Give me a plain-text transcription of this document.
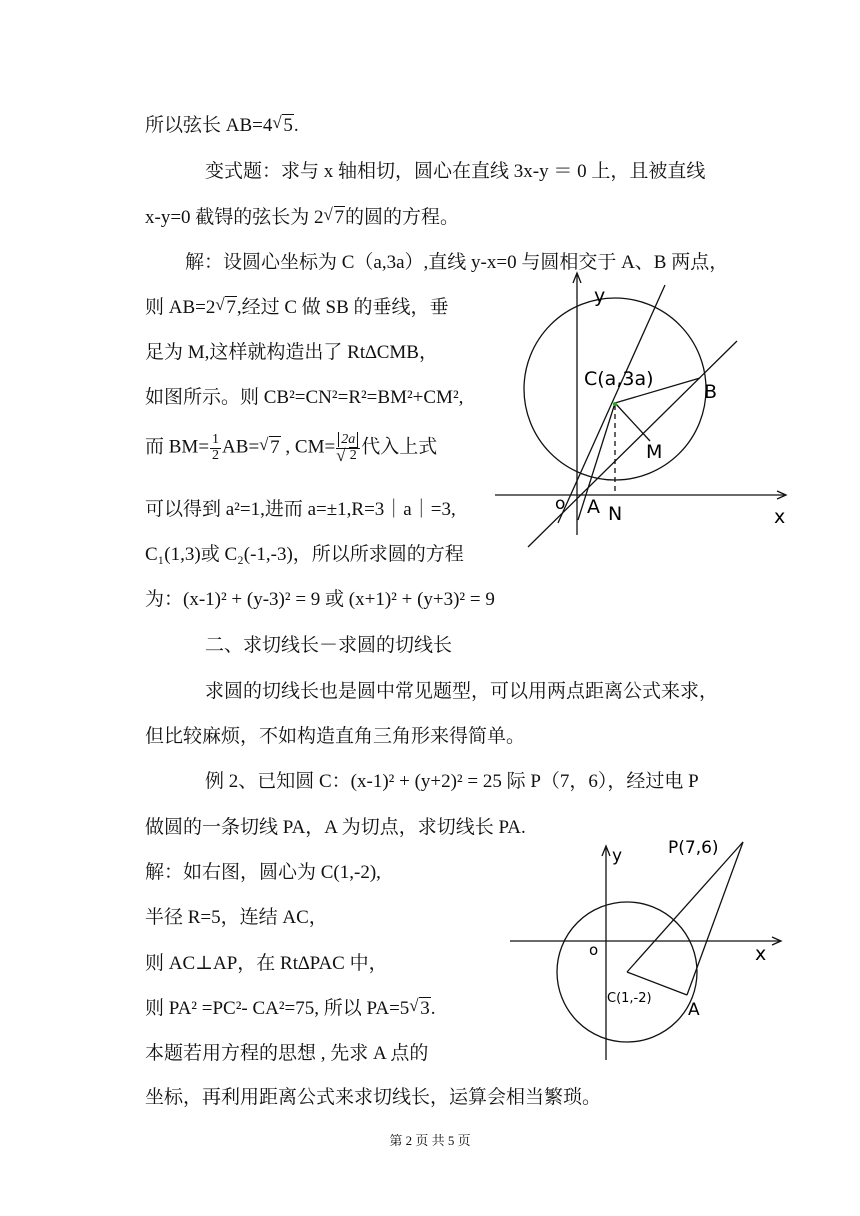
所以弦长 AB=4√ 5.
变式题：求与 x 轴相切，圆心在直线 3x-y ＝ 0 上，且被直线
x-y=0 截锝的弦长为 2√ 7的圆的方程。
解：设圆心坐标为 C（a,3a）,直线 y-x=0 与圆相交于 A、B 两点，
则 AB=2√ 7,经过 C 做 SB 的垂线，垂
足为 M,这样就构造出了 Rt∆CMB，
如图所示。则 CB²=CN²=R²=BM²+CM²,
而 $BM= \frac{1}{2} AB=√$ 7 , CM= 2a
√ 2 代入上式
可以得到 a²=1,进而 a=±1,R=3｜a｜=3,
C₁(1,3)或 C₂(-1,-3)，所以所求圆的方程
为：(x-1)² + (y-3)² = 9 或 (x+1)² + (y+3)² = 9
二、求切线长－求圆的切线长
求圆的切线长也是圆中常见题型，可以用两点距离公式来求，
但比较麻烦，不如构造直角三角形来得简单。
例 2、已知圆 C：(x-1)² + (y+2)² = 25 际 P（7，6），经过电 P
做圆的一条切线 PA，A 为切点，求切线长 PA.
解：如右图，圆心为 C(1,-2),
半径 R=5，连结 AC，
则 AC⊥AP，在 Rt∆PAC 中，
则 PA² =PC²- CA²=75, 所以 PA=5√ 3.
本题若用方程的思想 , 先求 A 点的
坐标，再利用距离公式来求切线长，运算会相当繁琐。
y
x
C(a,3a)
B
M
o A N
y
x
P(7,6)
o
C(1,-2)
A
第 2 页 共 5 页
